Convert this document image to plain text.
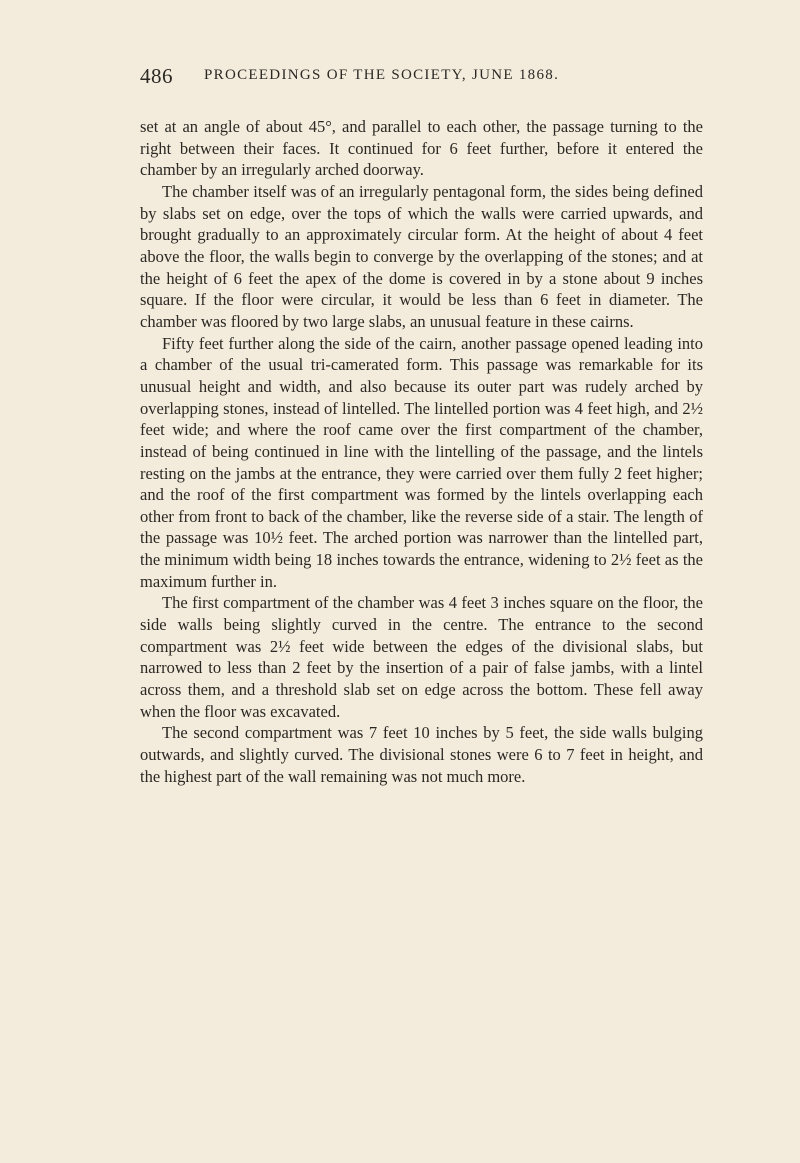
486 PROCEEDINGS OF THE SOCIETY, JUNE 1868.

set at an angle of about 45°, and parallel to each other, the passage turning to the right between their faces. It continued for 6 feet further, before it entered the chamber by an irregularly arched doorway.

The chamber itself was of an irregularly pentagonal form, the sides being defined by slabs set on edge, over the tops of which the walls were carried upwards, and brought gradually to an approximately circular form. At the height of about 4 feet above the floor, the walls begin to converge by the overlapping of the stones; and at the height of 6 feet the apex of the dome is covered in by a stone about 9 inches square. If the floor were circular, it would be less than 6 feet in diameter. The chamber was floored by two large slabs, an unusual feature in these cairns.

Fifty feet further along the side of the cairn, another passage opened leading into a chamber of the usual tri-camerated form. This passage was remarkable for its unusual height and width, and also because its outer part was rudely arched by overlapping stones, instead of lintelled. The lintelled portion was 4 feet high, and 2½ feet wide; and where the roof came over the first compartment of the chamber, instead of being continued in line with the lintelling of the passage, and the lintels resting on the jambs at the entrance, they were carried over them fully 2 feet higher; and the roof of the first compartment was formed by the lintels overlapping each other from front to back of the chamber, like the reverse side of a stair. The length of the passage was 10½ feet. The arched portion was narrower than the lintelled part, the minimum width being 18 inches towards the entrance, widening to 2½ feet as the maximum further in.

The first compartment of the chamber was 4 feet 3 inches square on the floor, the side walls being slightly curved in the centre. The entrance to the second compartment was 2½ feet wide between the edges of the divisional slabs, but narrowed to less than 2 feet by the insertion of a pair of false jambs, with a lintel across them, and a threshold slab set on edge across the bottom. These fell away when the floor was excavated.

The second compartment was 7 feet 10 inches by 5 feet, the side walls bulging outwards, and slightly curved. The divisional stones were 6 to 7 feet in height, and the highest part of the wall remaining was not much more.
